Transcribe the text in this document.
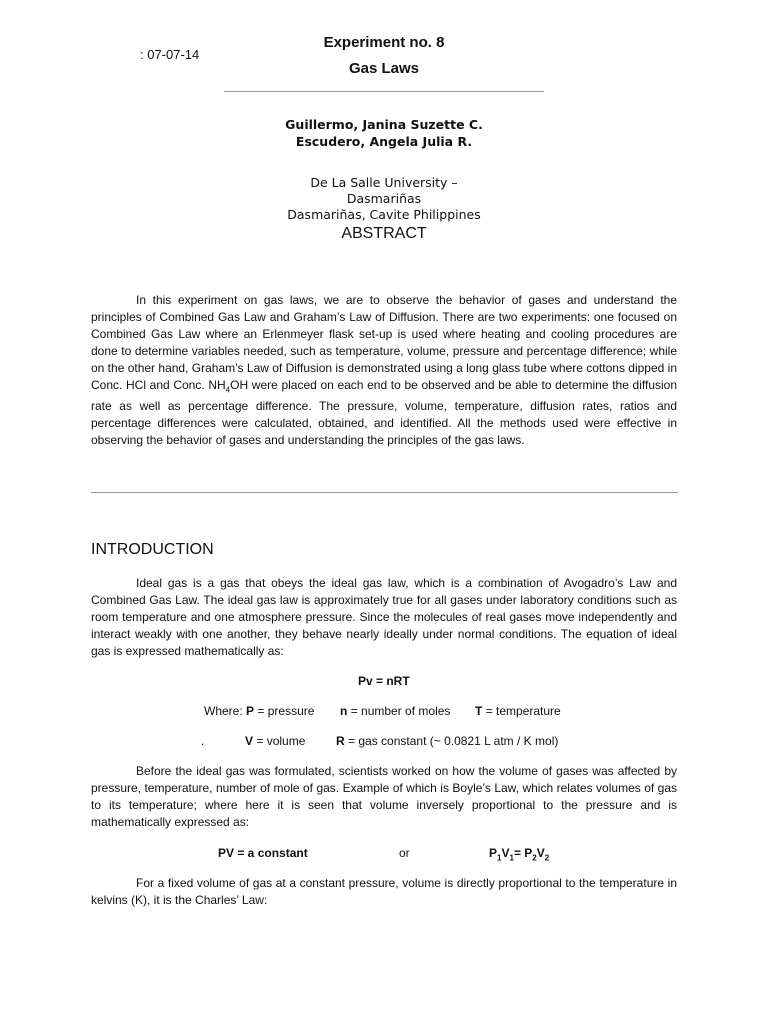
: 07-07-14
Experiment no. 8
Gas Laws
Guillermo, Janina Suzette C.
Escudero, Angela Julia R.
De La Salle University –
Dasmariñas
Dasmariñas, Cavite Philippines
ABSTRACT

In this experiment on gas laws, we are to observe the behavior of gases and understand the principles of Combined Gas Law and Graham’s Law of Diffusion. There are two experiments: one focused on Combined Gas Law where an Erlenmeyer flask set-up is used where heating and cooling procedures are done to determine variables needed, such as temperature, volume, pressure and percentage difference; while on the other hand, Graham’s Law of Diffusion is demonstrated using a long glass tube where cottons dipped in Conc. HCl and Conc. $NH_4OH$ were placed on each end to be observed and be able to determine the diffusion rate as well as percentage difference. The pressure, volume, temperature, diffusion rates, ratios and percentage differences were calculated, obtained, and identified. All the methods used were effective in observing the behavior of gases and understanding the principles of the gas laws.

INTRODUCTION

Ideal gas is a gas that obeys the ideal gas law, which is a combination of Avogadro’s Law and Combined Gas Law. The ideal gas law is approximately true for all gases under laboratory conditions such as room temperature and one atmosphere pressure. Since the molecules of real gases move independently and interact weakly with one another, they behave nearly ideally under normal conditions. The equation of ideal gas is expressed mathematically as:

Pv = nRT
Where: P = pressure n = number of moles T = temperature
.	V = volume	R = gas constant (~ 0.0821 L atm / K mol)

Before the ideal gas was formulated, scientists worked on how the volume of gases was affected by pressure, temperature, number of mole of gas. Example of which is Boyle’s Law, which relates volumes of gas to its temperature; where here it is seen that volume inversely proportional to the pressure and is mathematically expressed as:

PV = a constant	or	$P_1V_1= P_2V_2$

For a fixed volume of gas at a constant pressure, volume is directly proportional to the temperature in kelvins (K), it is the Charles’ Law:
